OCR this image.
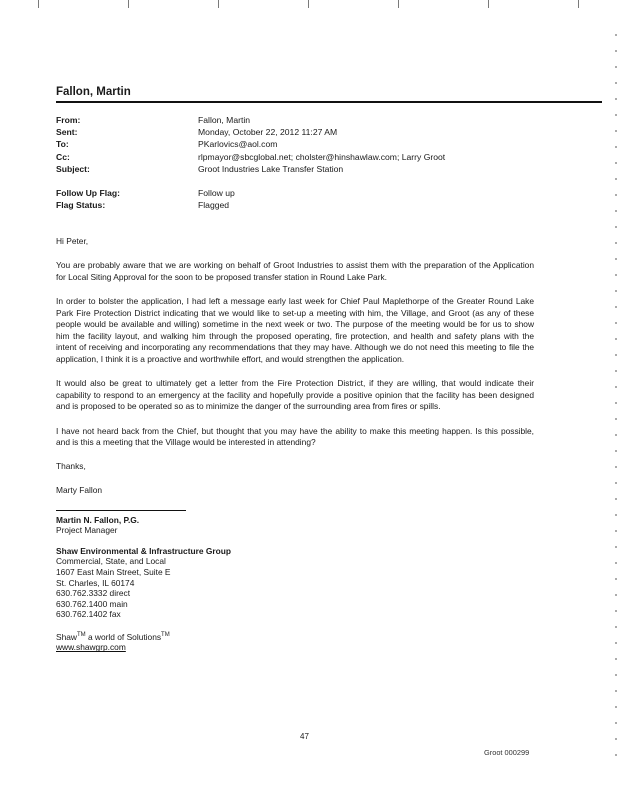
Fallon, Martin
From:	Fallon, Martin
Sent:	Monday, October 22, 2012 11:27 AM
To:	PKarlovics@aol.com
Cc:	rlpmayor@sbcglobal.net; cholster@hinshawlaw.com; Larry Groot
Subject:	Groot Industries Lake Transfer Station
Follow Up Flag:	Follow up
Flag Status:	Flagged

Hi Peter,

You are probably aware that we are working on behalf of Groot Industries to assist them with the preparation of the Application for Local Siting Approval for the soon to be proposed transfer station in Round Lake Park.

In order to bolster the application, I had left a message early last week for Chief Paul Maplethorpe of the Greater Round Lake Park Fire Protection District indicating that we would like to set-up a meeting with him, the Village, and Groot (as any of these people would be available and willing) sometime in the next week or two. The purpose of the meeting would be for us to show him the facility layout, and walking him through the proposed operating, fire protection, and health and safety plans with the intent of receiving and incorporating any recommendations that they may have. Although we do not need this meeting to file the application, I think it is a proactive and worthwhile effort, and would strengthen the application.

It would also be great to ultimately get a letter from the Fire Protection District, if they are willing, that would indicate their capability to respond to an emergency at the facility and hopefully provide a positive opinion that the facility has been designed and is proposed to be operated so as to minimize the danger of the surrounding area from fires or spills.

I have not heard back from the Chief, but thought that you may have the ability to make this meeting happen. Is this possible, and is this a meeting that the Village would be interested in attending?

Thanks,

Marty Fallon

Martin N. Fallon, P.G.
Project Manager
Shaw Environmental & Infrastructure Group
Commercial, State, and Local
1607 East Main Street, Suite E
St. Charles, IL 60174
630.762.3332 direct
630.762.1400 main
630.762.1402 fax
Shaw™ a world of Solutions™
www.shawgrp.com
47
Groot 000299
